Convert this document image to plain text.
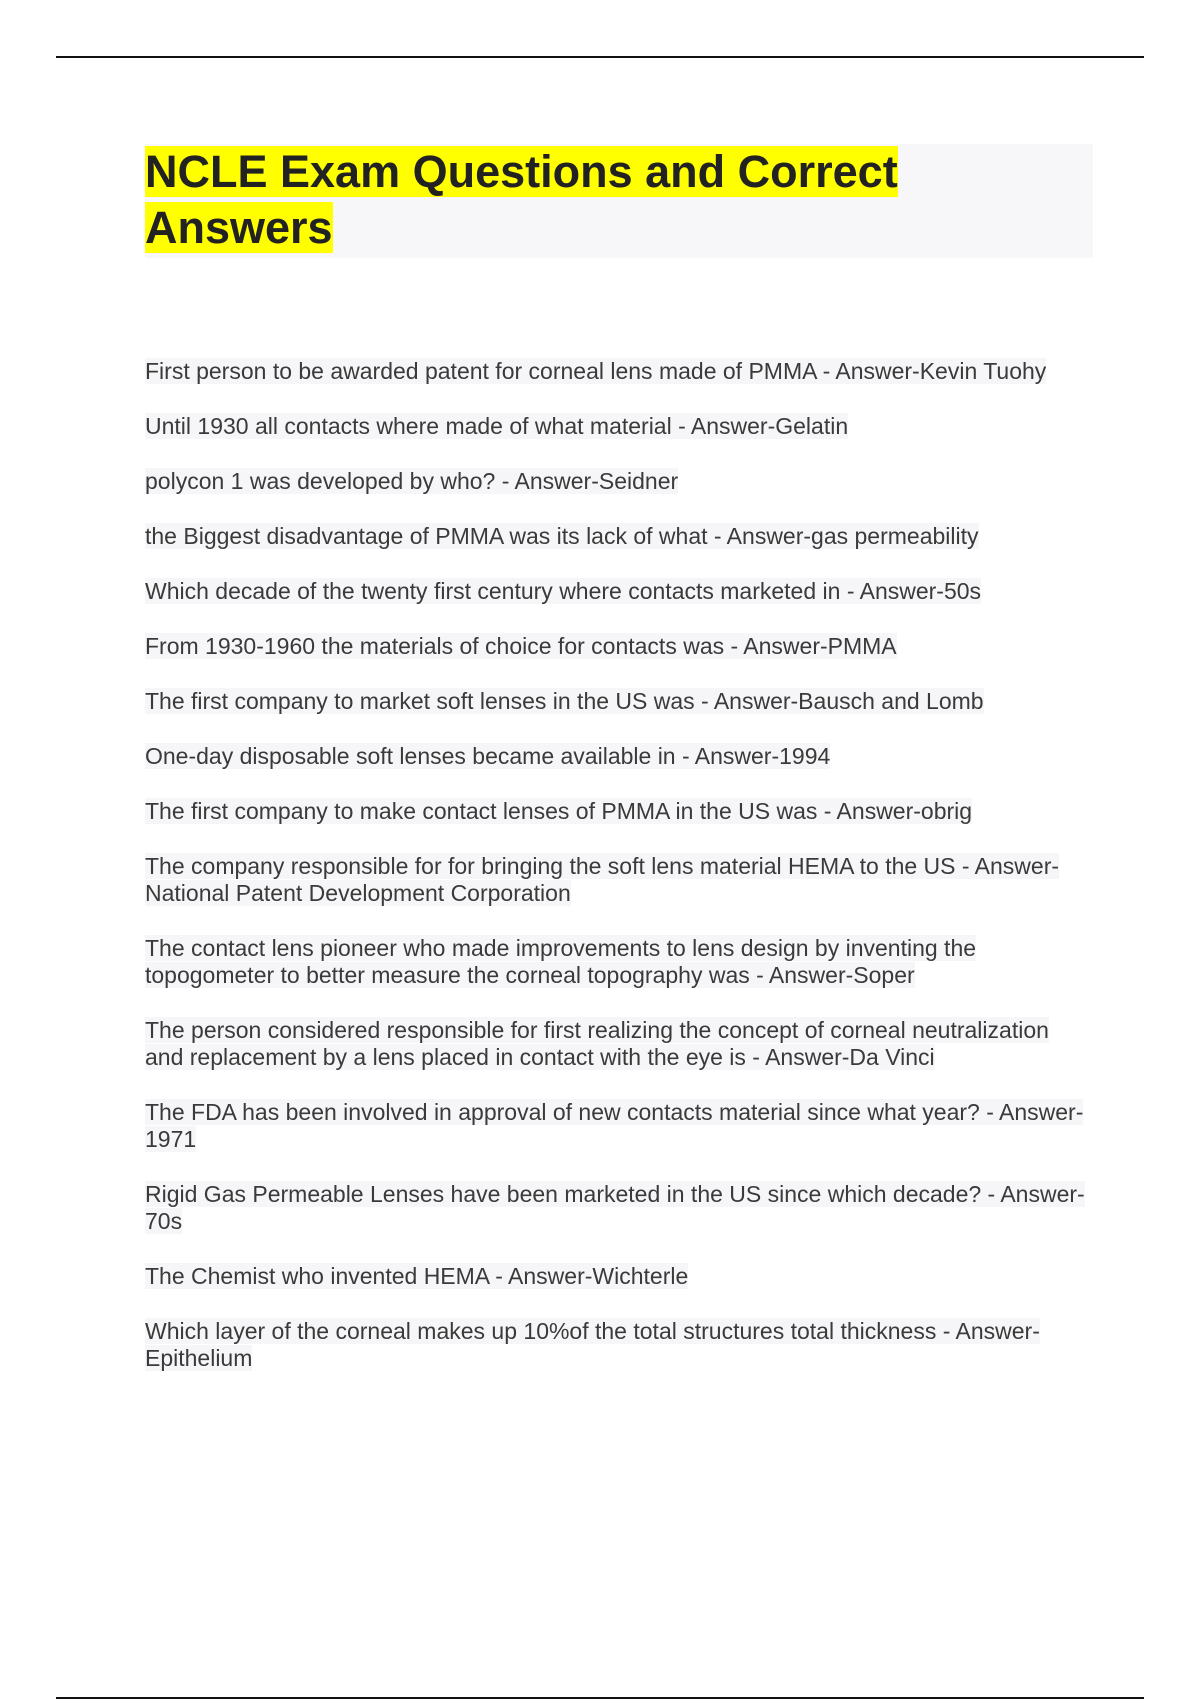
NCLE Exam Questions and Correct
Answers
First person to be awarded patent for corneal lens made of PMMA - Answer-Kevin Tuohy
Until 1930 all contacts where made of what material - Answer-Gelatin
polycon 1 was developed by who? - Answer-Seidner
the Biggest disadvantage of PMMA was its lack of what - Answer-gas permeability
Which decade of the twenty first century where contacts marketed in - Answer-50s
From 1930-1960 the materials of choice for contacts was - Answer-PMMA
The first company to market soft lenses in the US was - Answer-Bausch and Lomb
One-day disposable soft lenses became available in - Answer-1994
The first company to make contact lenses of PMMA in the US was - Answer-obrig
The company responsible for for bringing the soft lens material HEMA to the US - Answer-National Patent Development Corporation
The contact lens pioneer who made improvements to lens design by inventing the topogometer to better measure the corneal topography was - Answer-Soper
The person considered responsible for first realizing the concept of corneal neutralization and replacement by a lens placed in contact with the eye is - Answer-Da Vinci
The FDA has been involved in approval of new contacts material since what year? - Answer-1971
Rigid Gas Permeable Lenses have been marketed in the US since which decade? - Answer-70s
The Chemist who invented HEMA - Answer-Wichterle
Which layer of the corneal makes up 10%of the total structures total thickness - Answer-Epithelium
